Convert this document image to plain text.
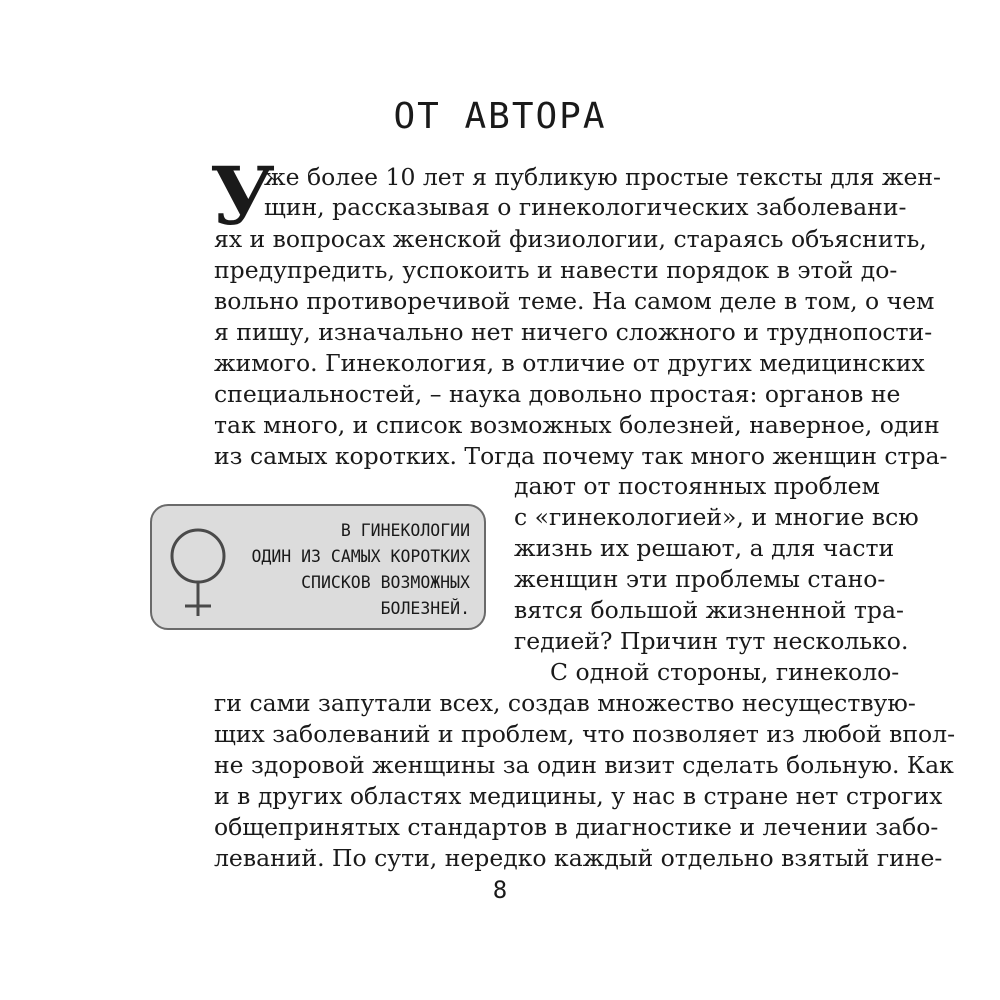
ОТ АВТОРА
У
же более 10 лет я публикую простые тексты для жен-
щин, рассказывая о гинекологических заболевани-
ях и вопросах женской физиологии, стараясь объяснить,
предупредить, успокоить и навести порядок в этой до-
вольно противоречивой теме. На самом деле в том, о чем
я пишу, изначально нет ничего сложного и труднопости-
жимого. Гинекология, в отличие от других медицинских
специальностей, – наука довольно простая: органов не
так много, и список возможных болезней, наверное, один
из самых коротких. Тогда почему так много женщин стра-
дают от постоянных проблем
с «гинекологией», и многие всю
жизнь их решают, а для части
женщин эти проблемы стано-
вятся большой жизненной тра-
гедией? Причин тут несколько.
С одной стороны, гинеколо-
ги сами запутали всех, создав множество несуществую-
щих заболеваний и проблем, что позволяет из любой впол-
не здоровой женщины за один визит сделать больную. Как
и в других областях медицины, у нас в стране нет строгих
общепринятых стандартов в диагностике и лечении забо-
леваний. По сути, нередко каждый отдельно взятый гине-
В ГИНЕКОЛОГИИ
ОДИН ИЗ САМЫХ КОРОТКИХ
СПИСКОВ ВОЗМОЖНЫХ
БОЛЕЗНЕЙ.
8
